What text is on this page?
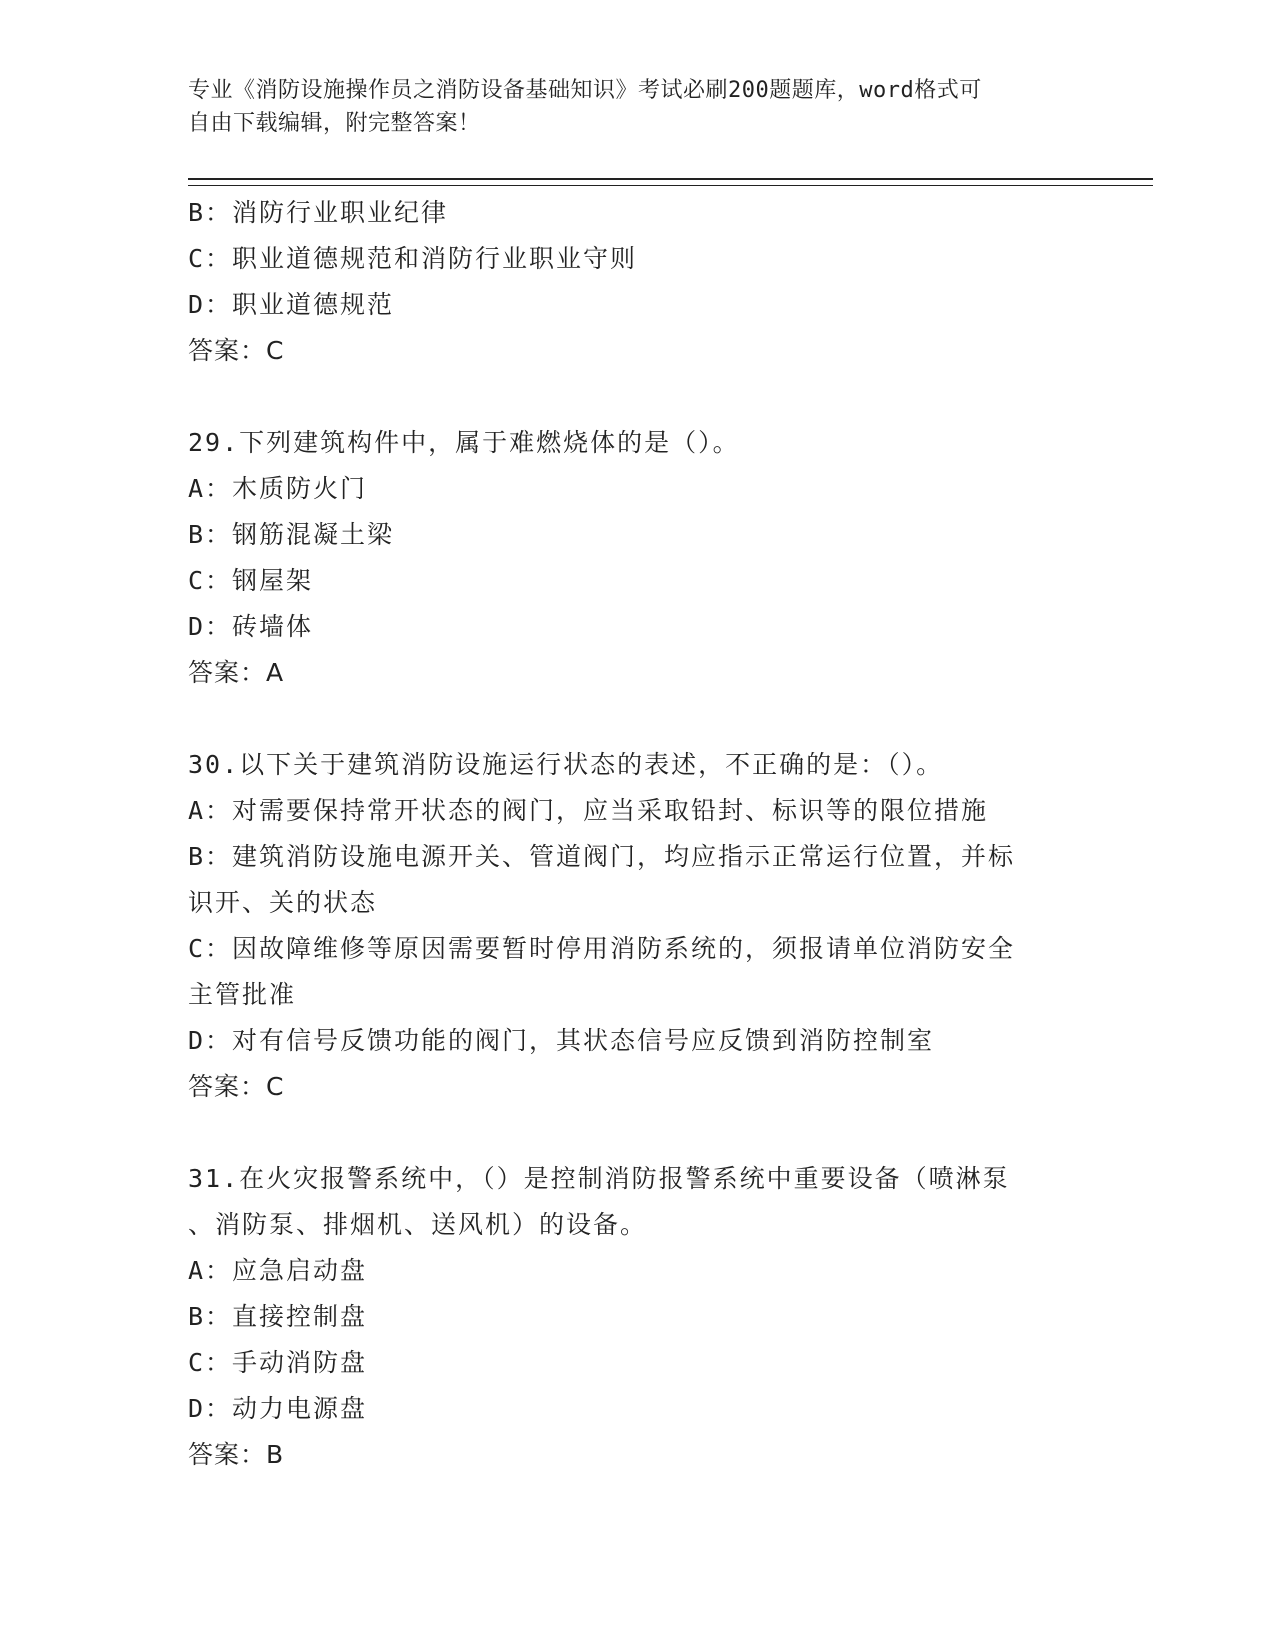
专业《消防设施操作员之消防设备基础知识》考试必刷200题题库，word格式可
自由下载编辑，附完整答案！
B：消防行业职业纪律
C：职业道德规范和消防行业职业守则
D：职业道德规范
答案：C
29.下列建筑构件中，属于难燃烧体的是（）。
A：木质防火门
B：钢筋混凝土梁
C：钢屋架
D：砖墙体
答案：A
30.以下关于建筑消防设施运行状态的表述，不正确的是：（）。
A：对需要保持常开状态的阀门，应当采取铅封、标识等的限位措施
B：建筑消防设施电源开关、管道阀门，均应指示正常运行位置，并标
识开、关的状态
C：因故障维修等原因需要暂时停用消防系统的，须报请单位消防安全
主管批准
D：对有信号反馈功能的阀门，其状态信号应反馈到消防控制室
答案：C
31.在火灾报警系统中，（）是控制消防报警系统中重要设备（喷淋泵
、消防泵、排烟机、送风机）的设备。
A：应急启动盘
B：直接控制盘
C：手动消防盘
D：动力电源盘
答案：B
